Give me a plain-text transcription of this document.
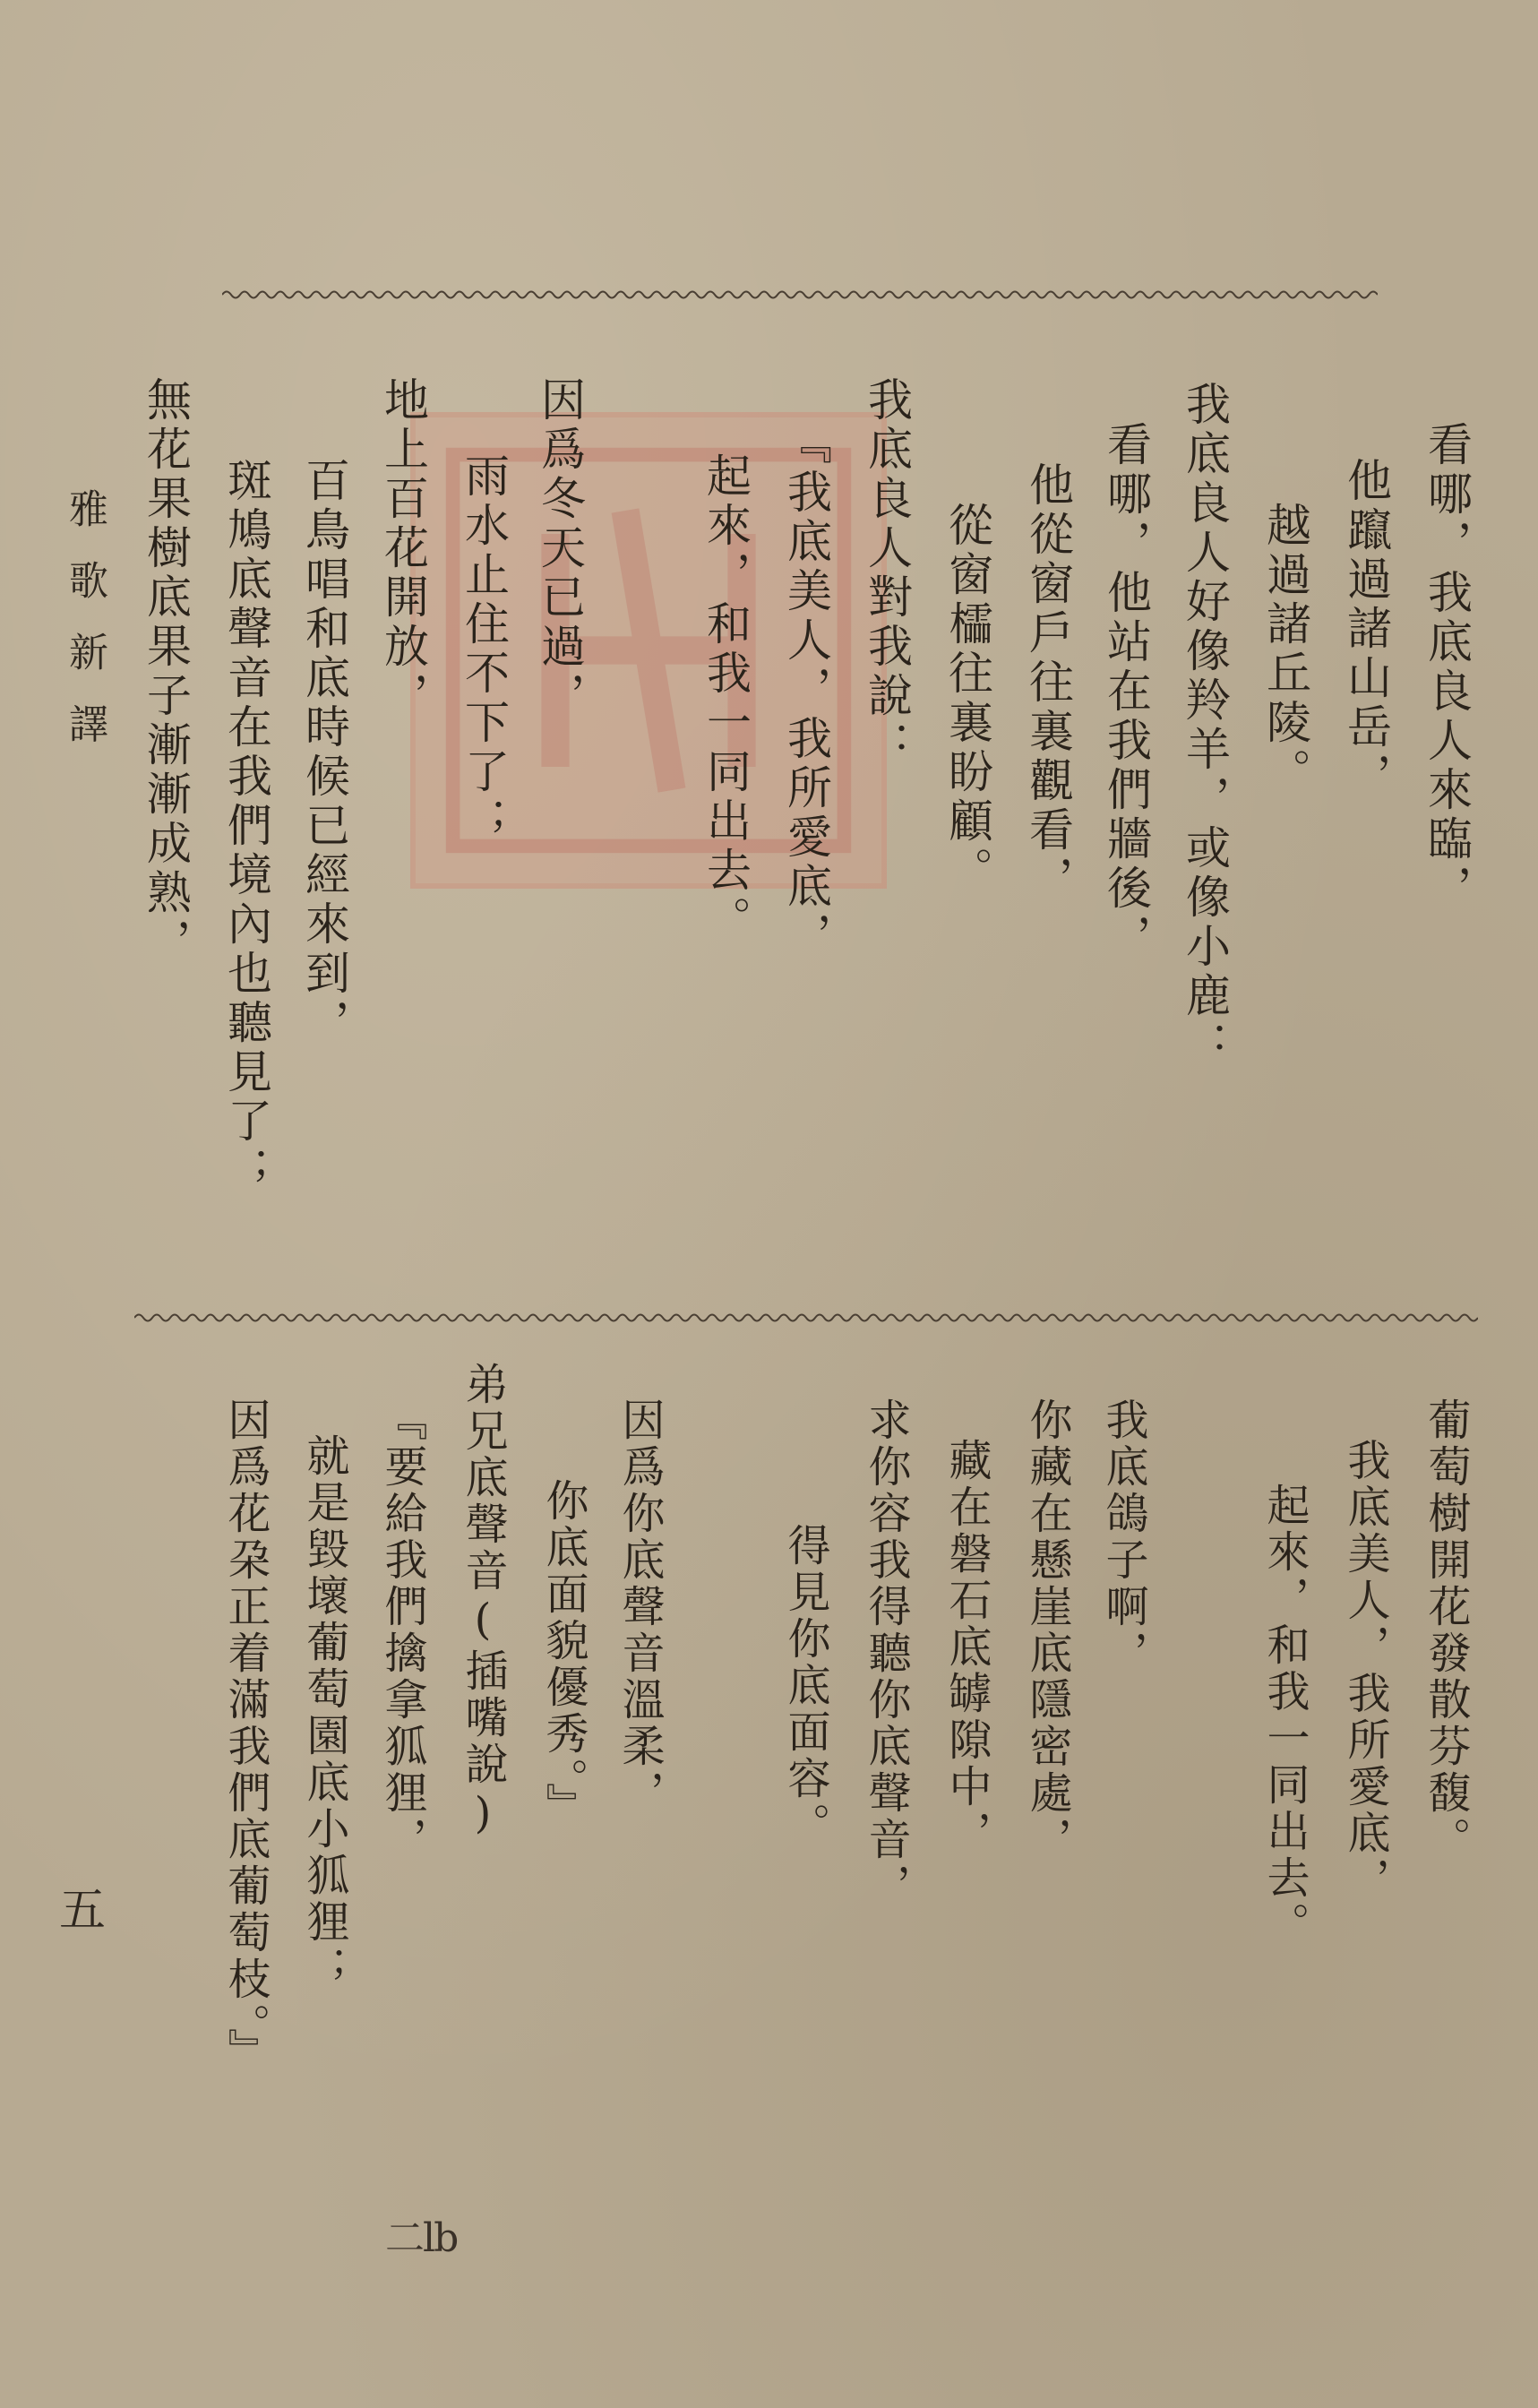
雅歌新譯
五
二lb
看哪，我底良人來臨，
他躥過諸山岳，
越過諸丘陵。
我底良人好像羚羊，或像小鹿：
看哪，他站在我們牆後，
他從窗戶往裏觀看，
從窗櫺往裏盼顧。
我底良人對我說：
『我底美人，我所愛底，
起來，和我一同出去。
因爲冬天已過，
雨水止住不下了；
地上百花開放，
百鳥唱和底時候已經來到，
斑鳩底聲音在我們境內也聽見了；
無花果樹底果子漸漸成熟，
葡萄樹開花發散芬馥。
我底美人，我所愛底，
起來，和我一同出去。
我底鴿子啊，
你藏在懸崖底隱密處，
藏在磐石底罅隙中，
求你容我得聽你底聲音，
得見你底面容。
因爲你底聲音溫柔，
你底面貌優秀。』
弟兄底聲音(插嘴說)
『要給我們擒拿狐狸，
就是毀壞葡萄園底小狐狸；
因爲花朶正着滿我們底葡萄枝。』
